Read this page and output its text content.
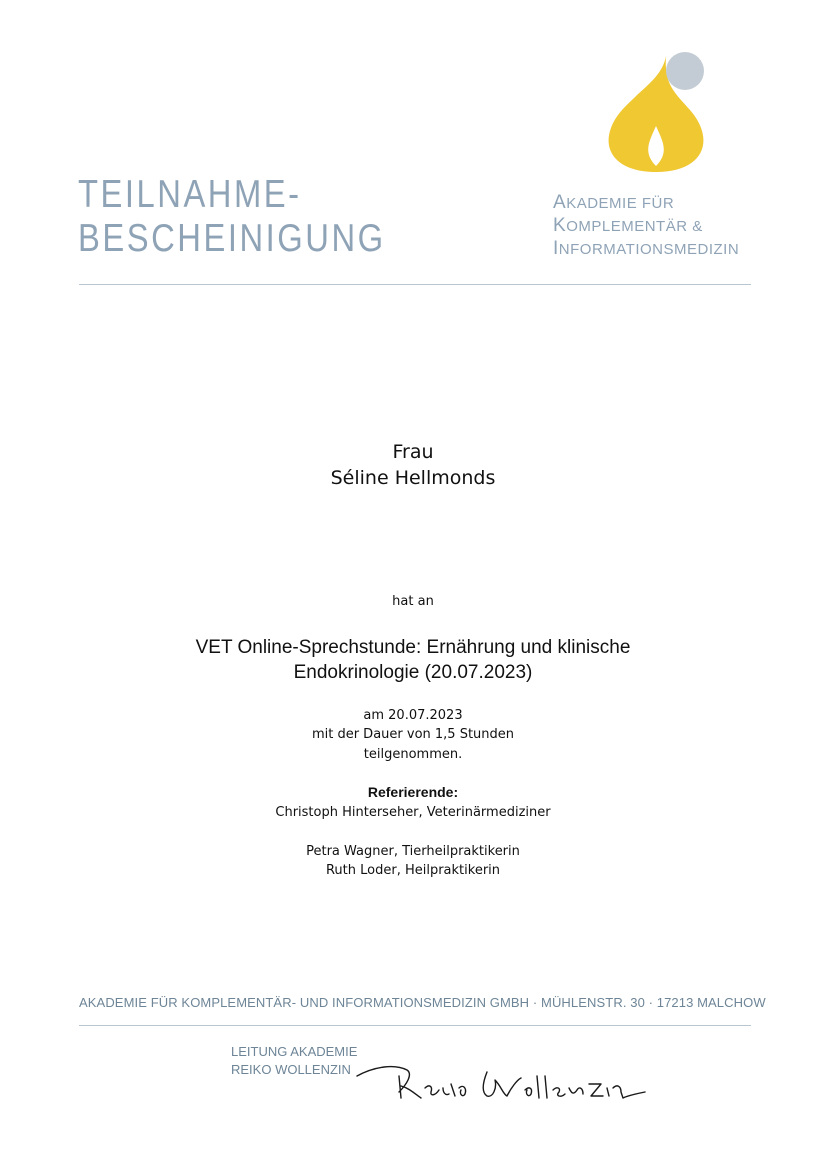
TEILNAHME-
BESCHEINIGUNG
AKADEMIE FÜR
KOMPLEMENTÄR &
INFORMATIONSMEDIZIN
Frau
Séline Hellmonds
hat an
VET Online-Sprechstunde: Ernährung und klinische
Endokrinologie (20.07.2023)
am 20.07.2023
mit der Dauer von 1,5 Stunden
teilgenommen.
Referierende:
Christoph Hinterseher, Veterinärmediziner
Petra Wagner, Tierheilpraktikerin
Ruth Loder, Heilpraktikerin
AKADEMIE FÜR KOMPLEMENTÄR- UND INFORMATIONSMEDIZIN GMBH · MÜHLENSTR. 30 · 17213 MALCHOW
LEITUNG AKADEMIE
REIKO WOLLENZIN
